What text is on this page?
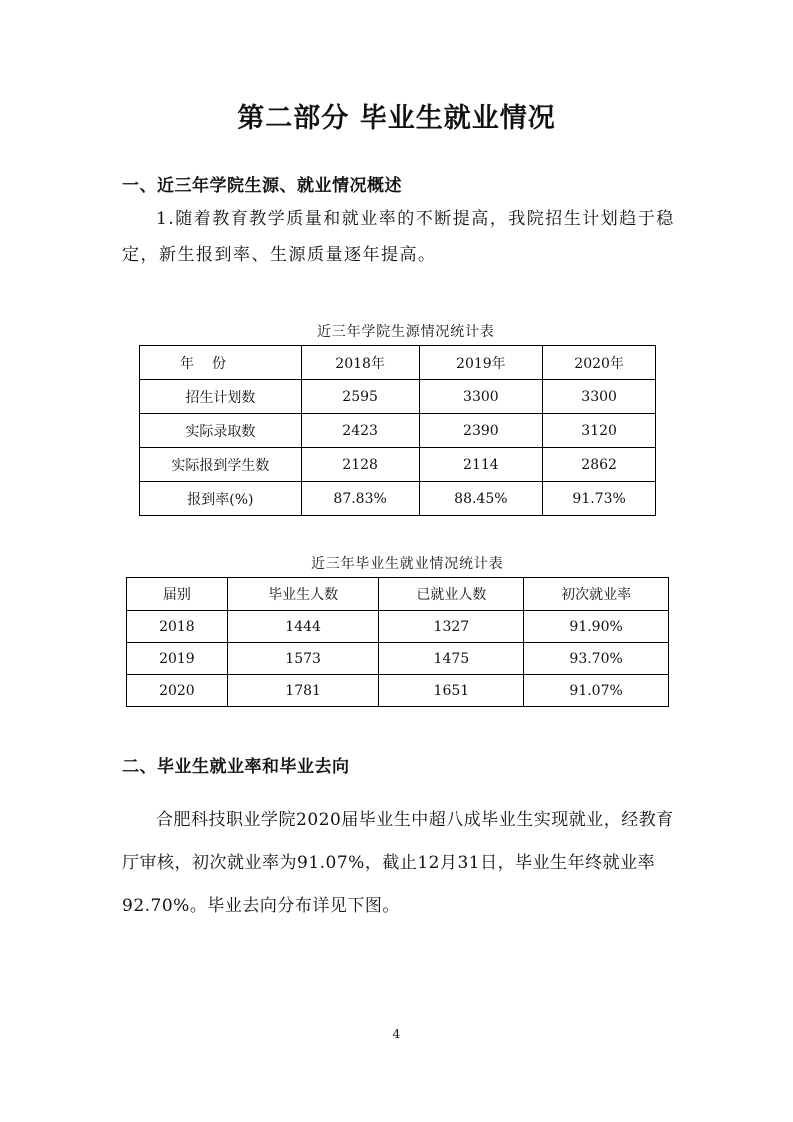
第二部分 毕业生就业情况
一、近三年学院生源、就业情况概述
1.随着教育教学质量和就业率的不断提高，我院招生计划趋于稳定，新生报到率、生源质量逐年提高。
近三年学院生源情况统计表
年　份	2018年	2019年	2020年
招生计划数	2595	3300	3300
实际录取数	2423	2390	3120
实际报到学生数	2128	2114	2862
报到率(%)	87.83%	88.45%	91.73%
近三年毕业生就业情况统计表
届别	毕业生人数	已就业人数	初次就业率
2018	1444	1327	91.90%
2019	1573	1475	93.70%
2020	1781	1651	91.07%
二、毕业生就业率和毕业去向
合肥科技职业学院2020届毕业生中超八成毕业生实现就业，经教育厅审核，初次就业率为91.07%，截止12月31日，毕业生年终就业率 92.70%。毕业去向分布详见下图。
4
